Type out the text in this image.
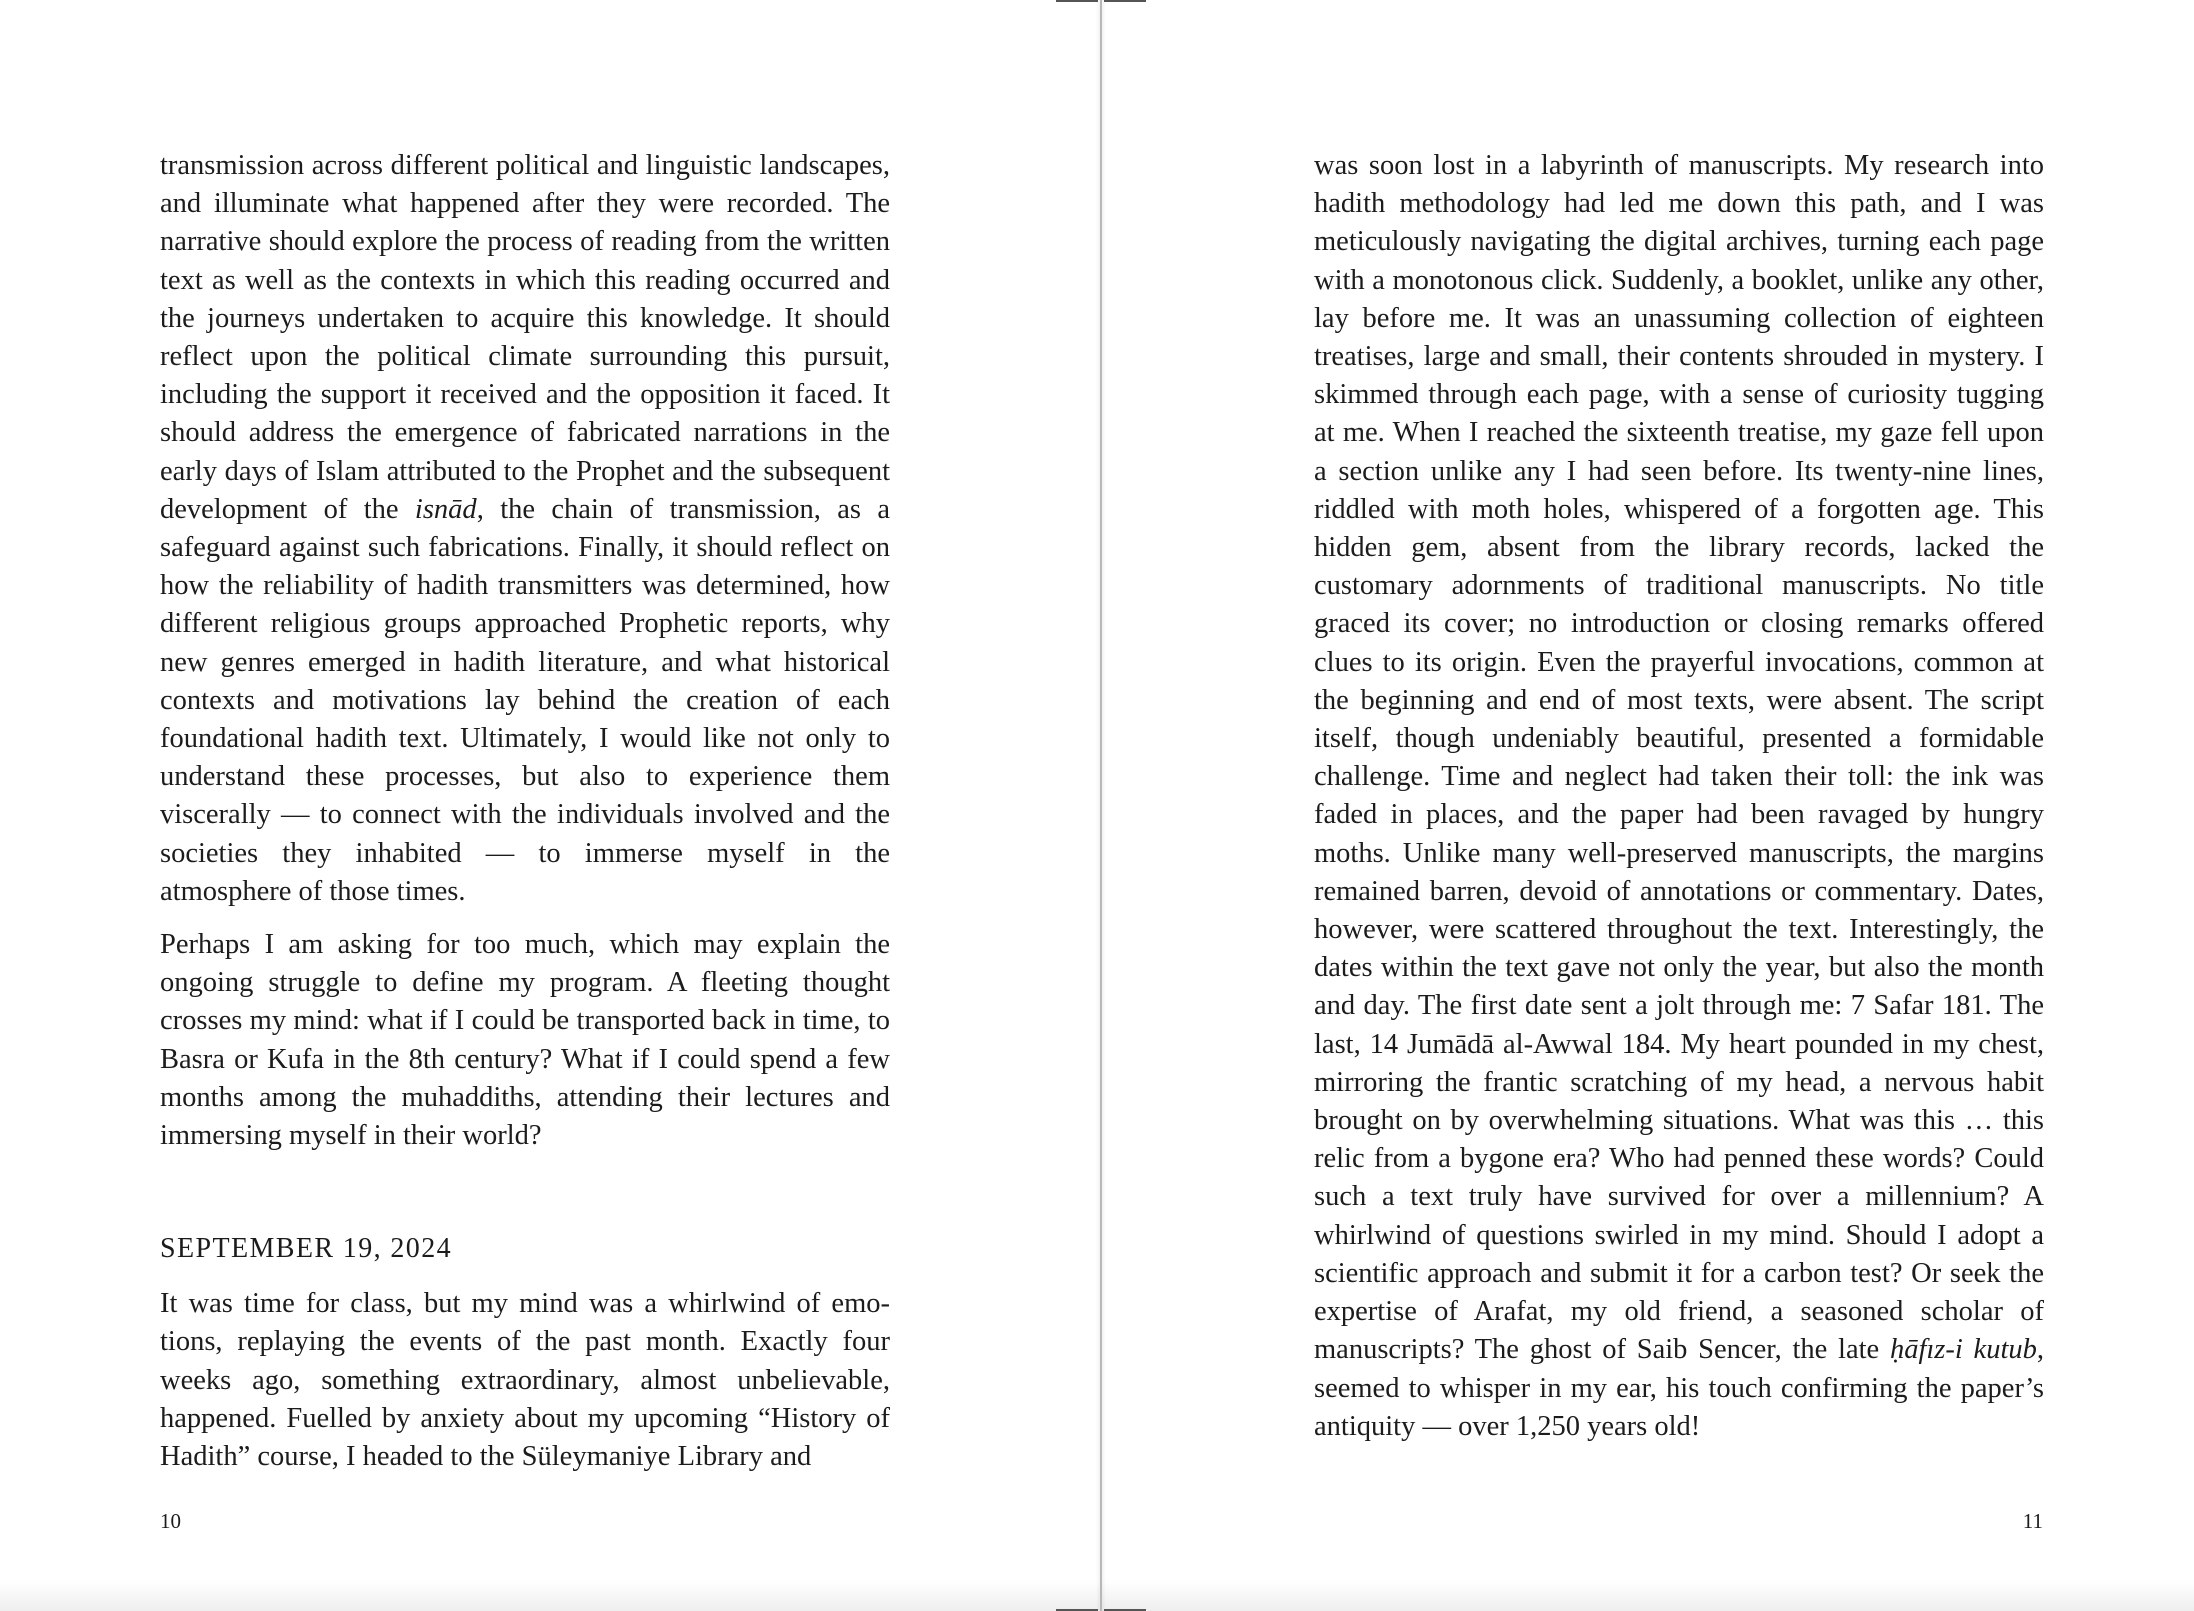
transmission across different political and linguistic landscapes, and illuminate what happened after they were recorded. The narrative should explore the process of reading from the written text as well as the contexts in which this reading occurred and the journeys undertaken to acquire this knowledge. It should reflect upon the political climate surrounding this pursuit, including the support it received and the opposition it faced. It should address the emergence of fabricated narrations in the early days of Islam attributed to the Prophet and the subsequent development of the isnād, the chain of transmission, as a safeguard against such fabrications. Finally, it should reflect on how the reliability of hadith transmitters was determined, how different religious groups approached Prophetic reports, why new genres emerged in hadith literature, and what historical contexts and motivations lay behind the creation of each foundational hadith text. Ultimately, I would like not only to understand these processes, but also to experience them viscerally — to connect with the individuals involved and the societies they inhabited — to immerse myself in the atmosphere of those times.

Perhaps I am asking for too much, which may explain the ongoing struggle to define my program. A fleeting thought crosses my mind: what if I could be transported back in time, to Basra or Kufa in the 8th century? What if I could spend a few months among the muhaddiths, attending their lectures and immersing myself in their world?

SEPTEMBER 19, 2024

It was time for class, but my mind was a whirlwind of emotions, replaying the events of the past month. Exactly four weeks ago, something extraordinary, almost unbelievable, happened. Fuelled by anxiety about my upcoming “History of Hadith” course, I headed to the Süleymaniye Library and

10

was soon lost in a labyrinth of manuscripts. My research into hadith methodology had led me down this path, and I was meticulously navigating the digital archives, turning each page with a monotonous click. Suddenly, a booklet, unlike any other, lay before me. It was an unassuming collection of eighteen treatises, large and small, their contents shrouded in mystery. I skimmed through each page, with a sense of curiosity tugging at me. When I reached the sixteenth treatise, my gaze fell upon a section unlike any I had seen before. Its twenty-nine lines, riddled with moth holes, whispered of a forgotten age. This hidden gem, absent from the library records, lacked the customary adornments of traditional manuscripts. No title graced its cover; no introduction or closing remarks offered clues to its origin. Even the prayerful invocations, common at the beginning and end of most texts, were absent. The script itself, though undeniably beautiful, presented a formidable challenge. Time and neglect had taken their toll: the ink was faded in places, and the paper had been ravaged by hungry moths. Unlike many well-preserved manuscripts, the margins remained barren, devoid of annotations or commentary. Dates, however, were scattered throughout the text. Interestingly, the dates within the text gave not only the year, but also the month and day. The first date sent a jolt through me: 7 Safar 181. The last, 14 Jumādā al-Awwal 184. My heart pounded in my chest, mirroring the frantic scratching of my head, a nervous habit brought on by overwhelming situations. What was this … this relic from a bygone era? Who had penned these words? Could such a text truly have survived for over a millennium? A whirlwind of questions swirled in my mind. Should I adopt a scientific approach and submit it for a carbon test? Or seek the expertise of Arafat, my old friend, a seasoned scholar of manuscripts? The ghost of Saib Sencer, the late ḥāfız-i kutub, seemed to whisper in my ear, his touch confirming the paper’s antiquity — over 1,250 years old!

11
